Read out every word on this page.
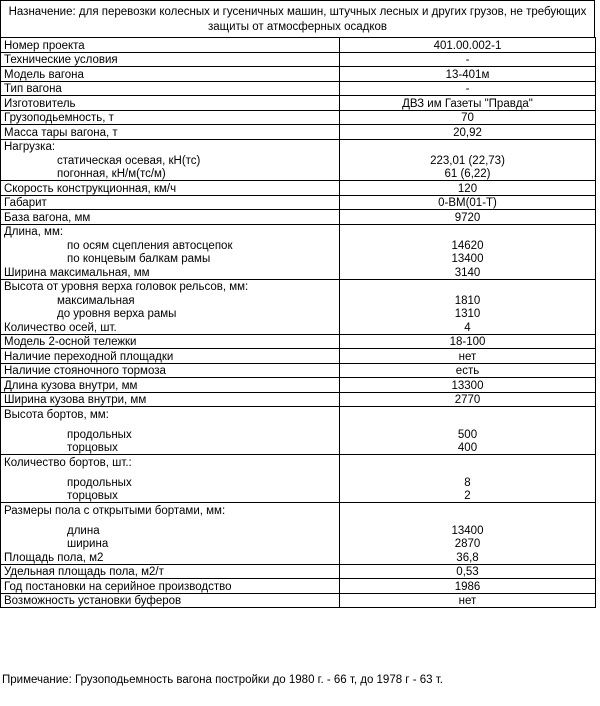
Назначение: для перевозки колесных и гусеничных машин, штучных лесных и других грузов, не требующих защиты от атмосферных осадков
Номер проекта	401.00.002-1
Технические условия	-
Модель вагона	13-401м
Тип вагона	-
Изготовитель	ДВЗ им Газеты "Правда"
Грузоподьемность, т	70
Масса тары вагона, т	20,92
Нагрузка:	
статическая осевая, кН(тс)	223,01 (22,73)
погонная, кН/м(тс/м)	61 (6,22)
Скорость конструкционная, км/ч	120
Габарит	0-ВМ(01-Т)
База вагона, мм	9720
Длина, мм:	
по осям сцепления автосцепок	14620
по концевым балкам рамы	13400
Ширина максимальная, мм	3140
Высота от уровня верха головок рельсов, мм:	
максимальная	1810
до уровня верха рамы	1310
Количество осей, шт.	4
Модель 2-осной тележки	18-100
Наличие переходной площадки	нет
Наличие стояночного тормоза	есть
Длина кузова внутри, мм	13300
Ширина кузова внутри, мм	2770
Высота бортов, мм:	
продольных	500
торцовых	400
Количество бортов, шт.:	
продольных	8
торцовых	2
Размеры пола с открытыми бортами, мм:	
длина	13400
ширина	2870
Площадь пола, м2	36,8
Удельная площадь пола, м2/т	0,53
Год постановки на серийное производство	1986
Возможность установки буферов	нет
Примечание: Грузоподьемность вагона постройки до 1980 г. - 66 т, до 1978 г - 63 т.
